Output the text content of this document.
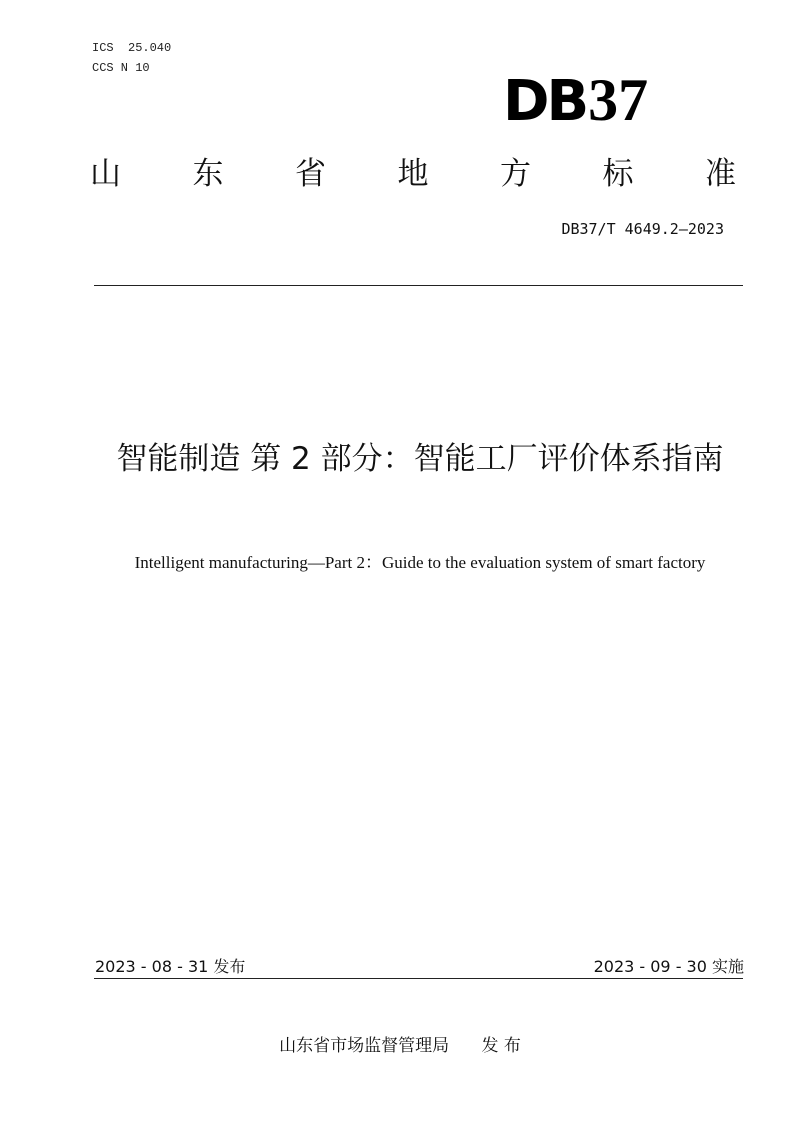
ICS  25.040
CCS N 10
DB37
山 东 省 地 方 标 准
DB37/T 4649.2—2023
智能制造 第 2 部分：智能工厂评价体系指南
Intelligent manufacturing—Part 2：Guide to the evaluation system of smart factory
2023 - 08 - 31 发布	2023 - 09 - 30 实施
山东省市场监督管理局      发 布
